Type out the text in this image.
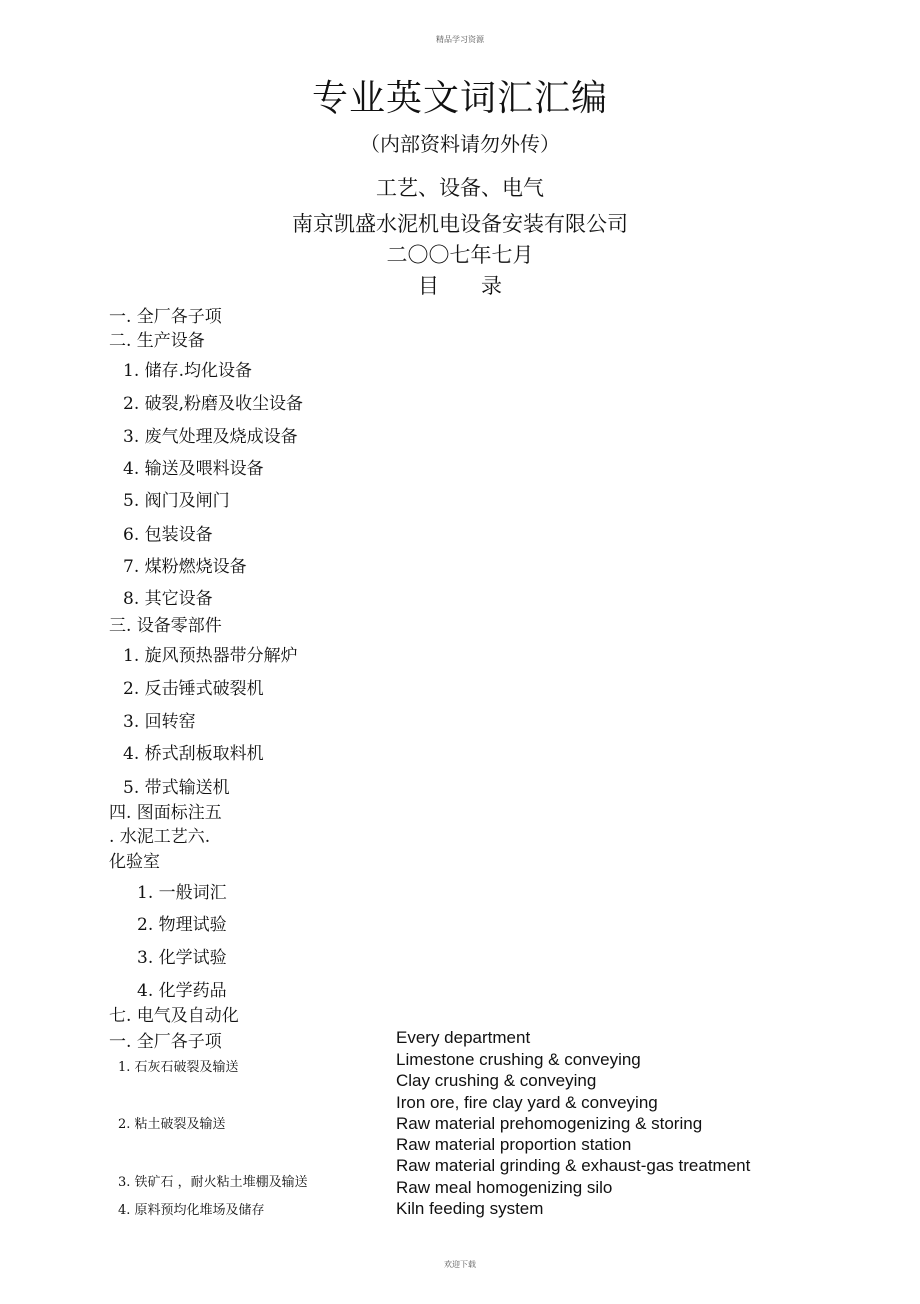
精品学习资源
专业英文词汇汇编
（内部资料请勿外传）
工艺、设备、电气
南京凯盛水泥机电设备安装有限公司
二〇〇七年七月
目　　录
一. 全厂各子项
二. 生产设备
1. 储存.均化设备
2. 破裂,粉磨及收尘设备
3. 废气处理及烧成设备
4. 输送及喂料设备
5. 阀门及闸门
6. 包装设备
7. 煤粉燃烧设备
8. 其它设备
三. 设备零部件
1. 旋风预热器带分解炉
2. 反击锤式破裂机
3. 回转窑
4. 桥式刮板取料机
5. 带式输送机
四. 图面标注五
. 水泥工艺六.
化验室
1. 一般词汇
2. 物理试验
3. 化学试验
4. 化学药品
七. 电气及自动化
一. 全厂各子项
1. 石灰石破裂及输送
2. 粘土破裂及输送
3. 铁矿石 ，耐火粘土堆棚及输送
4. 原料预均化堆场及储存
Every department
Limestone crushing & conveying
Clay crushing & conveying
Iron ore, fire clay yard & conveying
Raw material prehomogenizing & storing
Raw material proportion station
Raw material grinding & exhaust-gas treatment
Raw meal homogenizing silo
Kiln feeding system
欢迎下载
